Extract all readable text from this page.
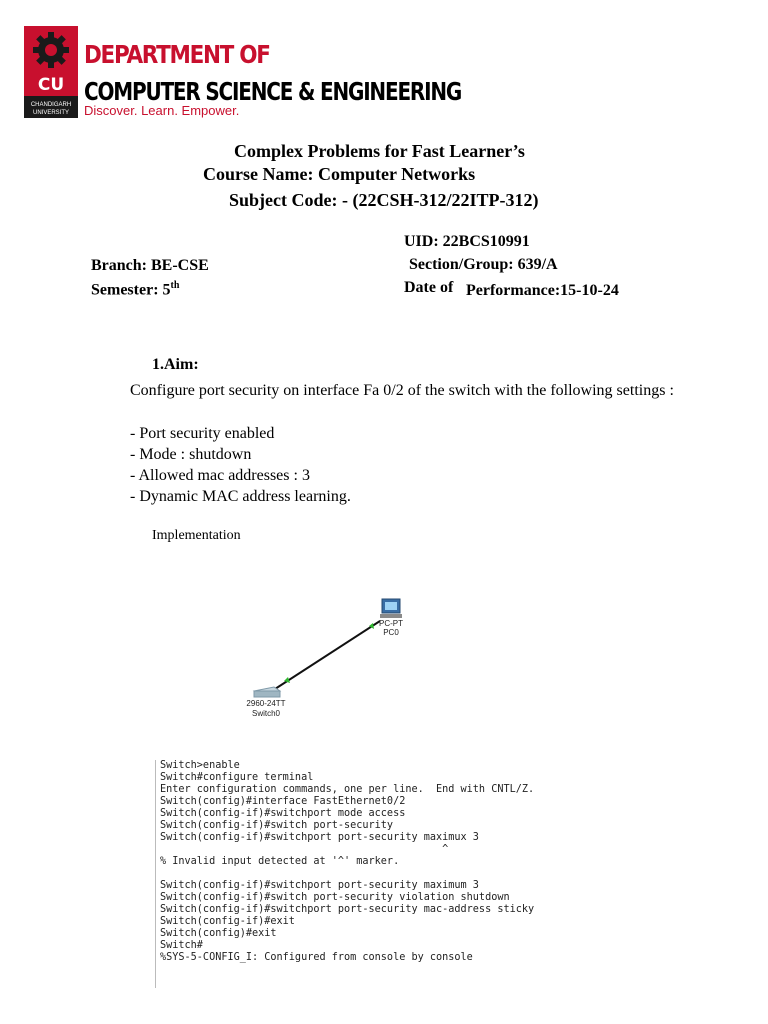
CU
CHANDIGARH
UNIVERSITY
DEPARTMENT OF
COMPUTER SCIENCE & ENGINEERING
Discover. Learn. Empower.
Complex Problems for Fast Learner’s
Course Name: Computer Networks
Subject Code: - (22CSH-312/22ITP-312)
UID: 22BCS10991
Branch: BE-CSE	Section/Group: 639/A
Semester: 5th	Date of Performance:15-10-24
1.Aim:
Configure port security on interface Fa 0/2 of the switch with the following settings :
- Port security enabled
- Mode : shutdown
- Allowed mac addresses : 3
- Dynamic MAC address learning.
Implementation
PC-PT
PC0
2960-24TT
Switch0
Switch>enable
Switch#configure terminal
Enter configuration commands, one per line.  End with CNTL/Z.
Switch(config)#interface FastEthernet0/2
Switch(config-if)#switchport mode access
Switch(config-if)#switch port-security
Switch(config-if)#switchport port-security maximux 3
^
% Invalid input detected at '^' marker.
Switch(config-if)#switchport port-security maximum 3
Switch(config-if)#switch port-security violation shutdown
Switch(config-if)#switchport port-security mac-address sticky
Switch(config-if)#exit
Switch(config)#exit
Switch#
%SYS-5-CONFIG_I: Configured from console by console
